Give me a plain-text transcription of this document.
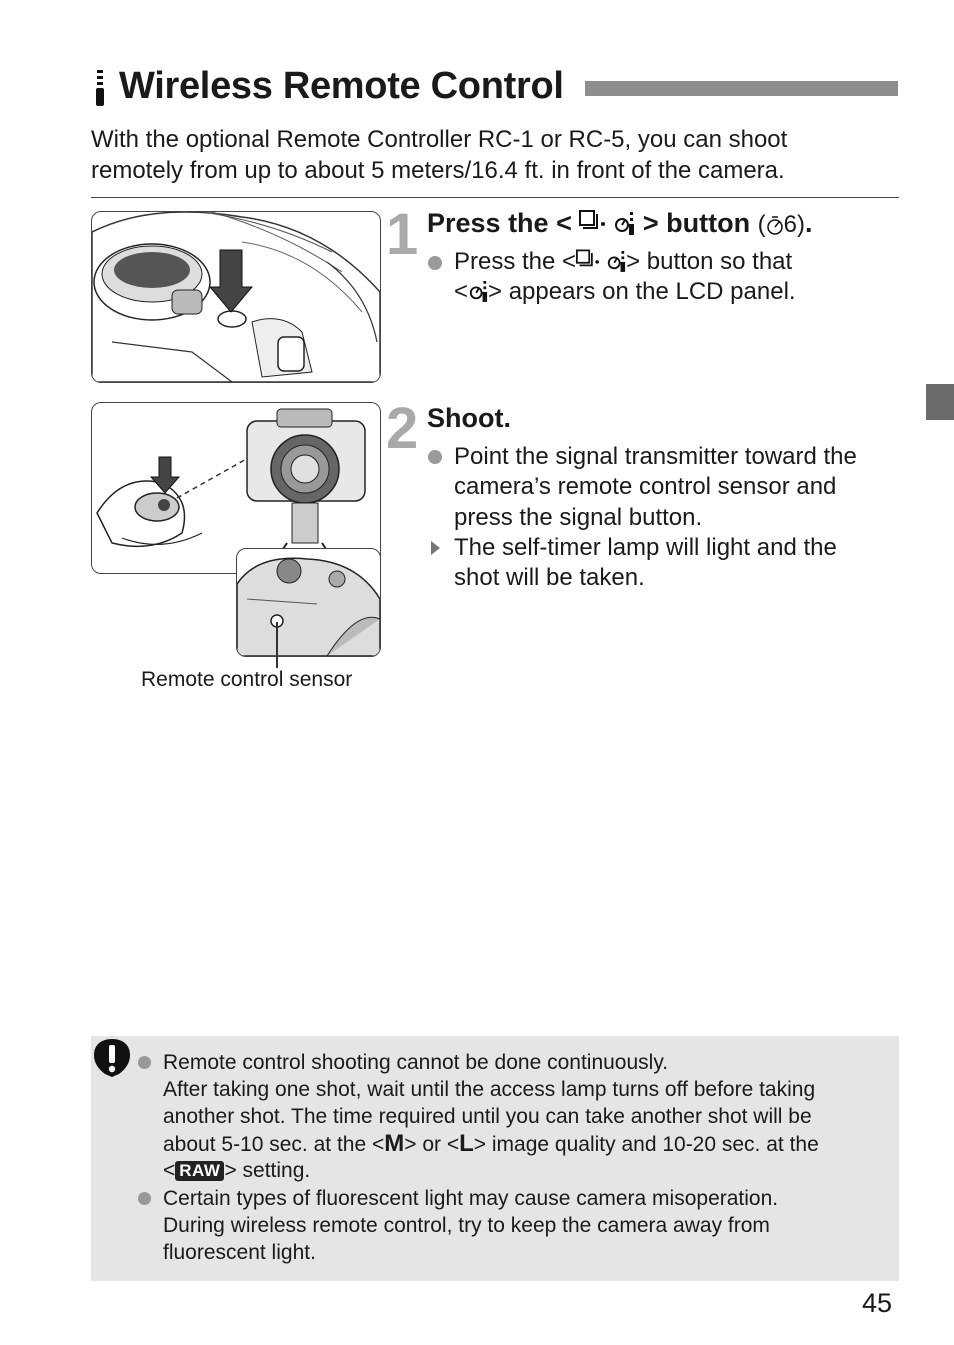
Wireless Remote Control
With the optional Remote Controller RC-1 or RC-5, you can shoot
remotely from up to about 5 meters/16.4 ft. in front of the camera.
Remote control sensor
1 Press the <	> button ( 6).
Press the < > button so that
< > appears on the LCD panel.
2 Shoot.
Point the signal transmitter toward the
camera’s remote control sensor and
press the signal button.
The self-timer lamp will light and the
shot will be taken.
Remote control shooting cannot be done continuously.
After taking one shot, wait until the access lamp turns off before taking
another shot. The time required until you can take another shot will be
about 5-10 sec. at the <M> or <L> image quality and 10-20 sec. at the
< RAW > setting.
Certain types of fluorescent light may cause camera misoperation.
During wireless remote control, try to keep the camera away from
fluorescent light.
45
